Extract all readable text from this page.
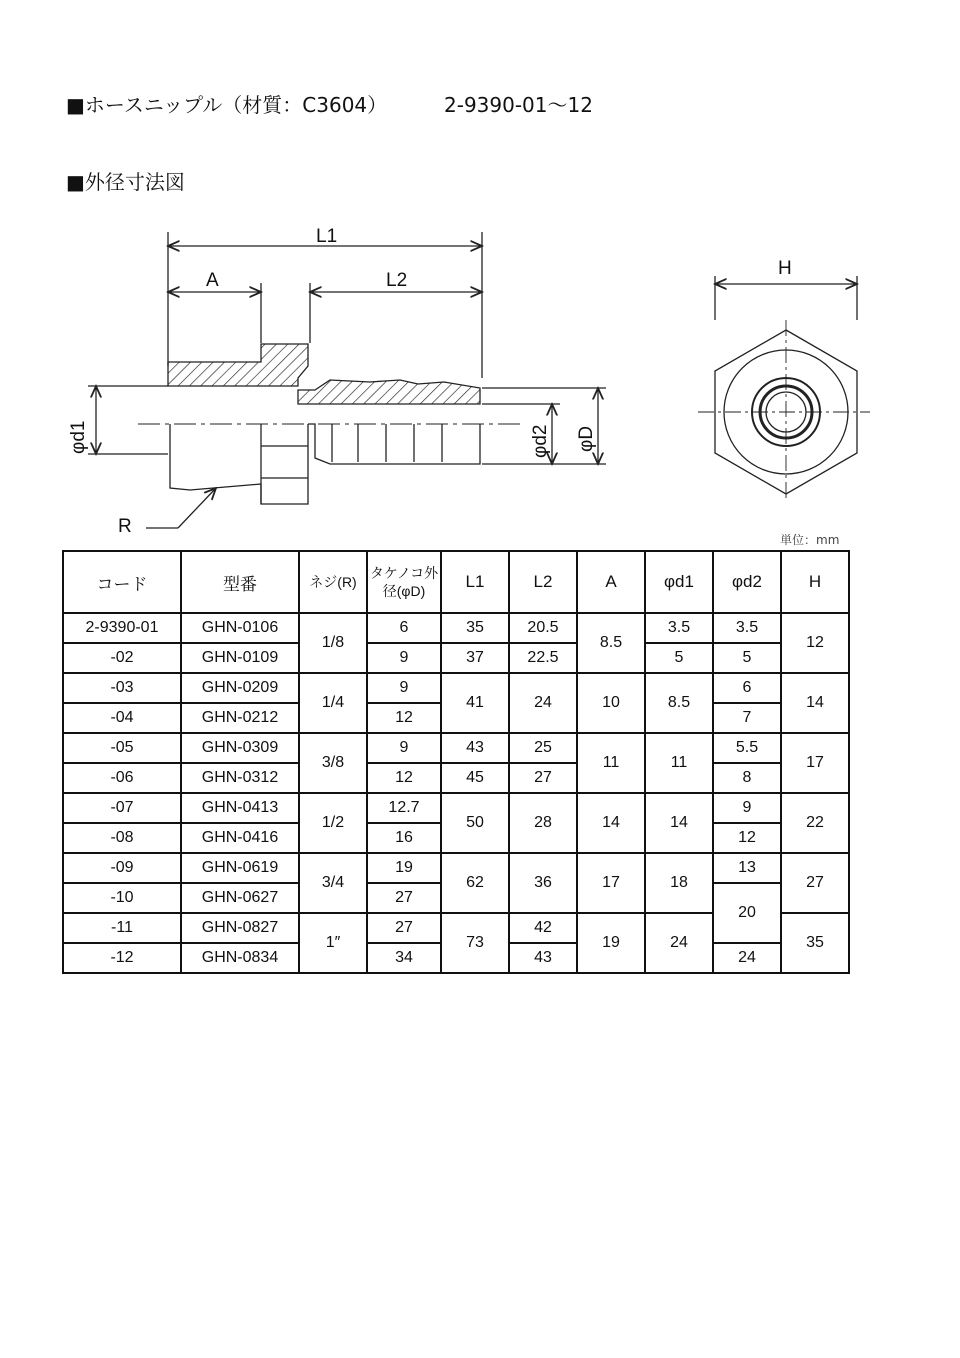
■ホースニップル（材質：C3604）	2-9390-01～12
■外径寸法図
L1
A	L2
φd1	φd2 φD
R
H
単位：mm
コード	型番	ネジ(R)	タケノコ外径(φD)	L1	L2	A	φd1	φd2	H
2-9390-01	GHN-0106	1/8	6	35	20.5	8.5	3.5	3.5	12
-02	GHN-0109		9	37	22.5		5	5	
-03	GHN-0209	1/4	9	41	24	10	8.5	6	14
-04	GHN-0212		12					7	
-05	GHN-0309	3/8	9	43	25	11	11	5.5	17
-06	GHN-0312		12	45	27			8	
-07	GHN-0413	1/2	12.7	50	28	14	14	9	22
-08	GHN-0416		16					12	
-09	GHN-0619	3/4	19	62	36	17	18	13	27
-10	GHN-0627		27					20	
-11	GHN-0827	1″	27	73	42	19	24		35
-12	GHN-0834		34		43			24	
